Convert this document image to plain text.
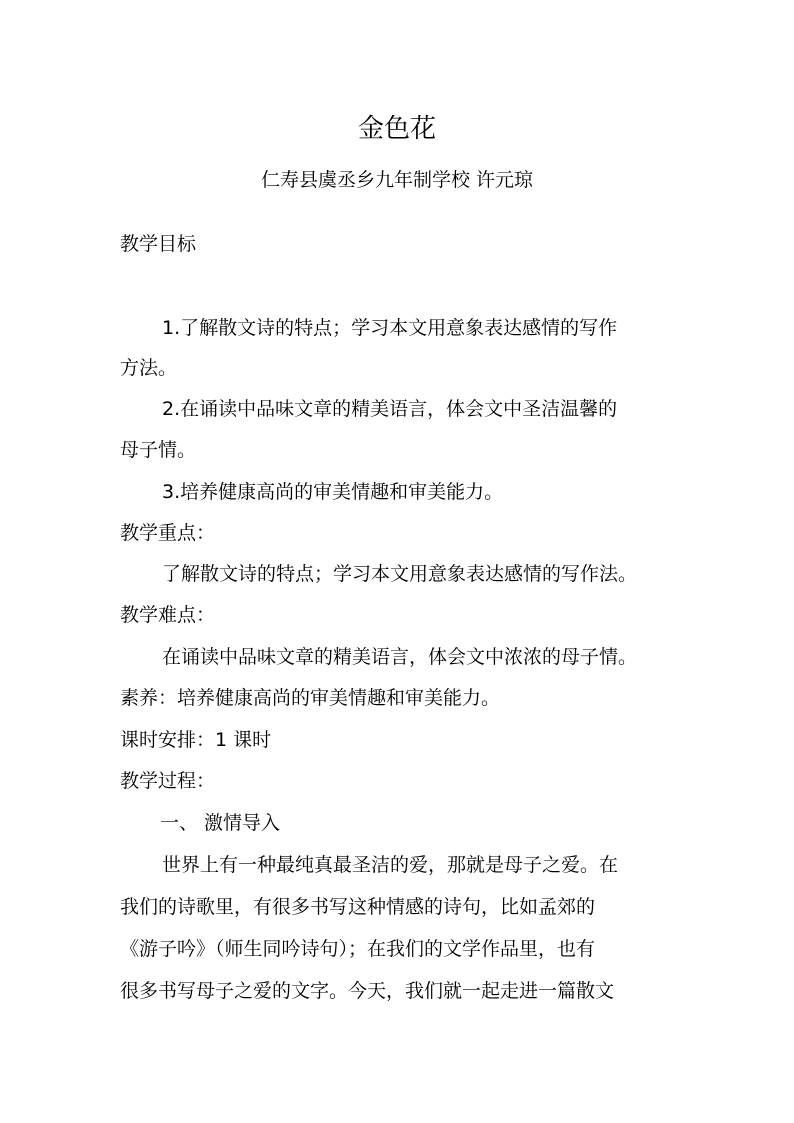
金色花
仁寿县虞丞乡九年制学校 许元琼
教学目标
1.了解散文诗的特点；学习本文用意象表达感情的写作
方法。
2.在诵读中品味文章的精美语言，体会文中圣洁温馨的
母子情。
3.培养健康高尚的审美情趣和审美能力。
教学重点：
了解散文诗的特点；学习本文用意象表达感情的写作法。
教学难点：
在诵读中品味文章的精美语言，体会文中浓浓的母子情。
素养：培养健康高尚的审美情趣和审美能力。
课时安排：1 课时
教学过程：
一、 激情导入
世界上有一种最纯真最圣洁的爱，那就是母子之爱。在
我们的诗歌里，有很多书写这种情感的诗句，比如孟郊的
《游子吟》（师生同吟诗句）；在我们的文学作品里，也有
很多书写母子之爱的文字。今天，我们就一起走进一篇散文
